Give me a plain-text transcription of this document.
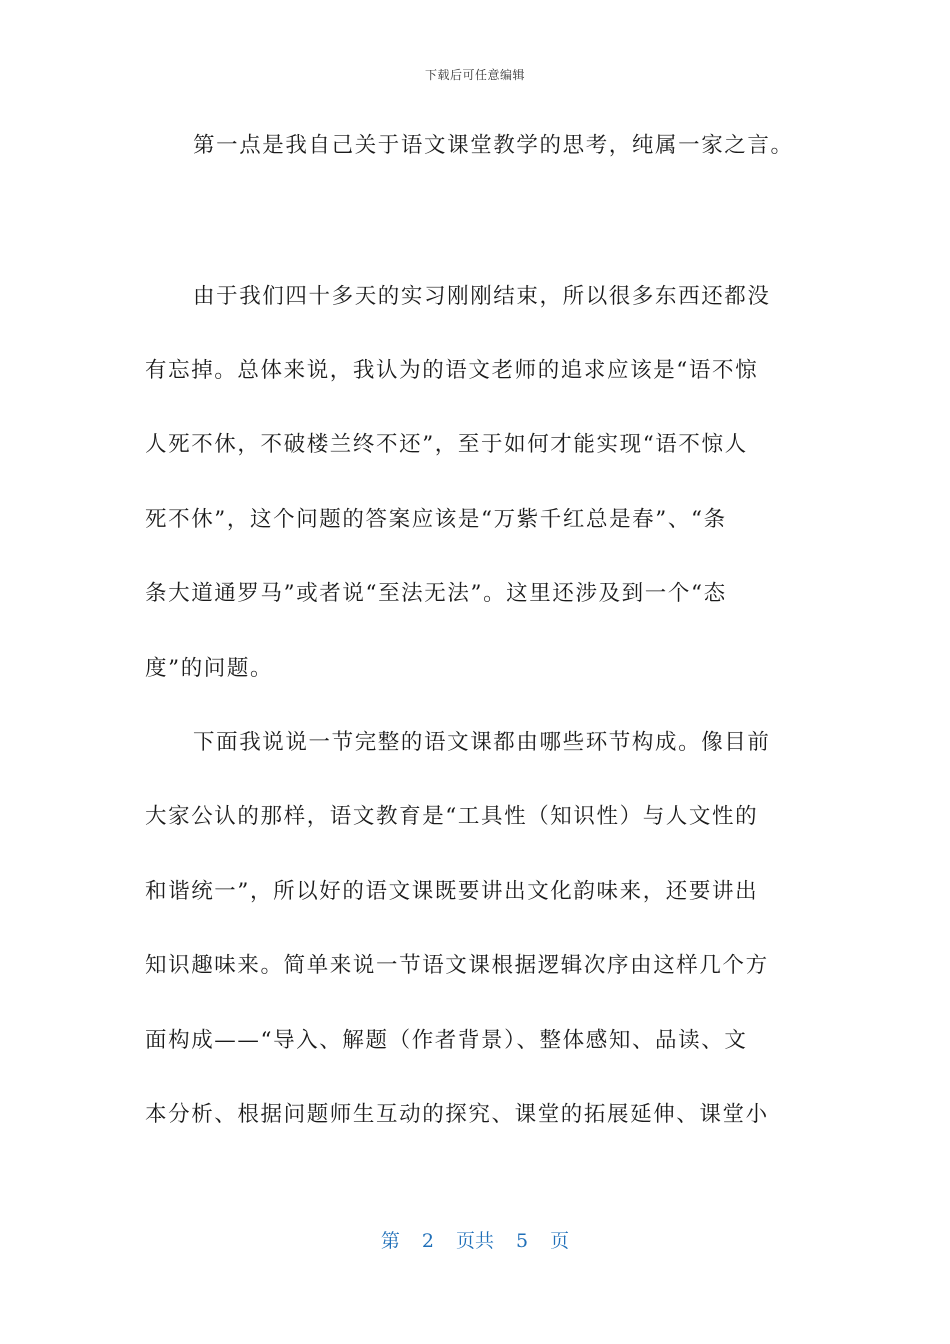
下载后可任意编辑
第一点是我自己关于语文课堂教学的思考，纯属一家之言。
由于我们四十多天的实习刚刚结束，所以很多东西还都没
有忘掉。总体来说，我认为的语文老师的追求应该是“语不惊
人死不休，不破楼兰终不还”，至于如何才能实现“语不惊人
死不休”，这个问题的答案应该是“万紫千红总是春”、“条
条大道通罗马”或者说“至法无法”。这里还涉及到一个“态
度”的问题。
下面我说说一节完整的语文课都由哪些环节构成。像目前
大家公认的那样，语文教育是“工具性（知识性）与人文性的
和谐统一”，所以好的语文课既要讲出文化韵味来，还要讲出
知识趣味来。简单来说一节语文课根据逻辑次序由这样几个方
面构成——“导入、解题（作者背景）、整体感知、品读、文
本分析、根据问题师生互动的探究、课堂的拓展延伸、课堂小
第 2 页共 5 页
